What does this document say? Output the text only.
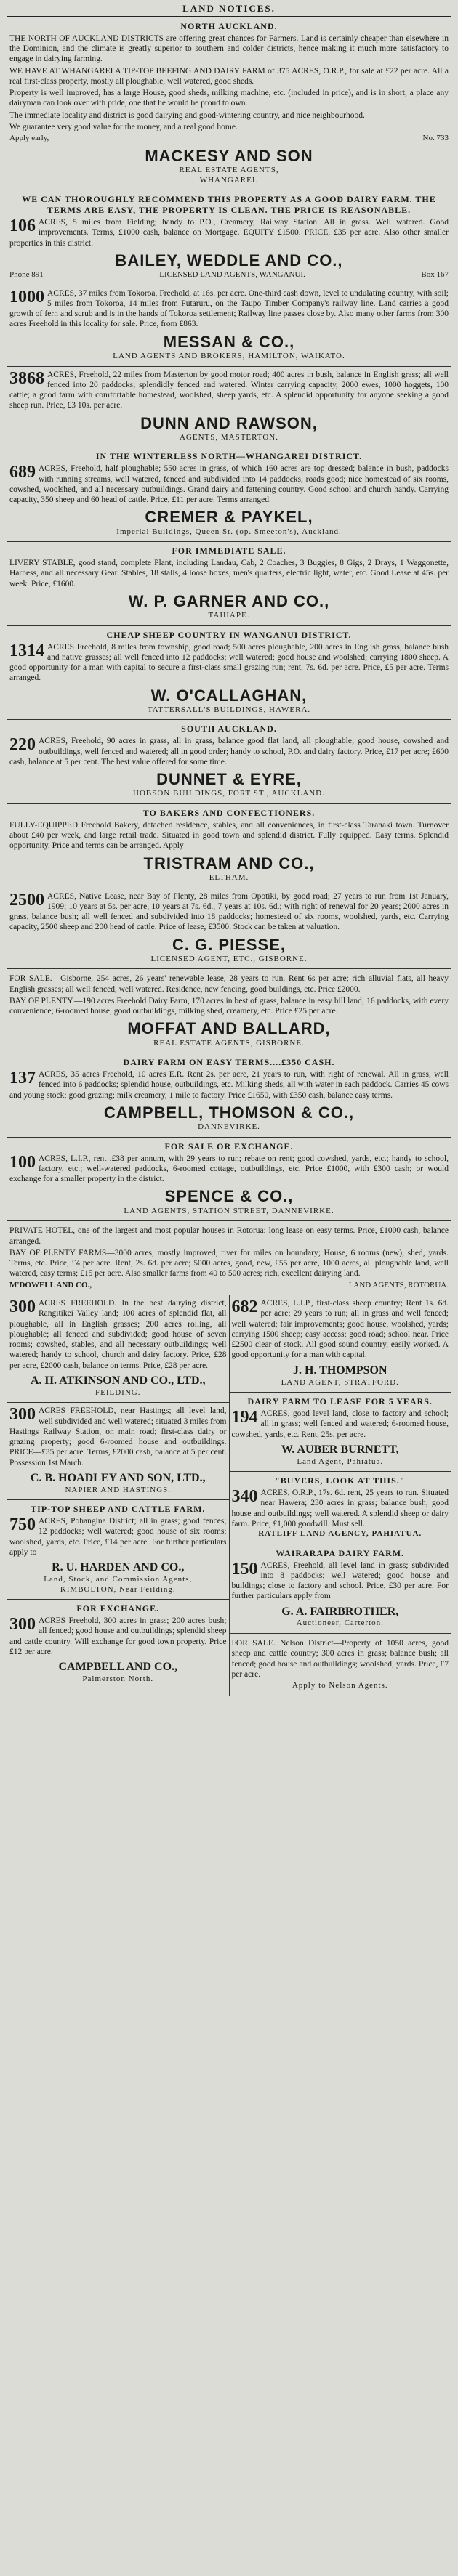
LAND NOTICES.
NORTH AUCKLAND.
THE NORTH OF AUCKLAND DISTRICTS are offering great chances for Farmers. Land is certainly cheaper than elsewhere in the Dominion, and the climate is greatly superior to southern and colder districts, hence making it much more satisfactory to engage in dairying farming.
WE HAVE AT WHANGAREI A TIP-TOP BEEFING AND DAIRY FARM of 375 ACRES, O.R.P., for sale at £22 per acre. All a real first-class property, mostly all ploughable, well watered, good sheds.
Property is well improved, has a large House, good sheds, milking machine, etc. (included in price), and is in short, a place any dairyman can look over with pride, one that he would be proud to own.
The immediate locality and district is good dairying and good-wintering country, and nice neighbourhood.
We guarantee very good value for the money, and a real good home.
Apply early,	No. 733
MACKESY AND SON
REAL ESTATE AGENTS,
WHANGAREI.
WE CAN THOROUGHLY RECOMMEND THIS PROPERTY AS A GOOD DAIRY FARM. THE TERMS ARE EASY, THE PROPERTY IS CLEAN. THE PRICE IS REASONABLE.
106 ACRES, 5 miles from Fielding; handy to P.O., Creamery, Railway Station. All in grass. Well watered. Good improvements. Terms, £1000 cash, balance on Mortgage. EQUITY £1500. PRICE, £35 per acre. Also other smaller properties in this district.
BAILEY, WEDDLE AND CO.,
Phone 891	LICENSED LAND AGENTS, WANGANUI.	Box 167
1000 ACRES, 37 miles from Tokoroa, Freehold, at 16s. per acre. One-third cash down, level to undulating country, with soil; 5 miles from Tokoroa, 14 miles from Putaruru, on the Taupo Timber Company's railway line. Land carries a good growth of fern and scrub and is in the hands of Tokoroa settlement; Railway line passes close by. Also many other farms from 300 acres Freehold in this locality for sale. Price, from £863.
MESSAN & CO.,
LAND AGENTS AND BROKERS, HAMILTON, WAIKATO.
3868 ACRES, Freehold, 22 miles from Masterton by good motor road; 400 acres in bush, balance in English grass; all well fenced into 20 paddocks; splendidly fenced and watered. Winter carrying capacity, 2000 ewes, 1000 hoggets, 100 cattle; a good farm with comfortable homestead, woolshed, sheep yards, etc. A splendid opportunity for anyone seeking a good sheep run. Price, £3 10s. per acre.
DUNN AND RAWSON,
AGENTS, MASTERTON.
IN THE WINTERLESS NORTH—WHANGAREI DISTRICT.
689 ACRES, Freehold, half ploughable; 550 acres in grass, of which 160 acres are top dressed; balance in bush, paddocks with running streams, well watered, fenced and subdivided into 14 paddocks, roads good; nice homestead of six rooms, cowshed, woolshed, and all necessary outbuildings. Grand dairy and fattening country. Good school and church handy. Carrying capacity, 350 sheep and 60 head of cattle. Price, £11 per acre. Terms arranged.
CREMER & PAYKEL,
Imperial Buildings, Queen St. (op. Smeeton's), Auckland.
FOR IMMEDIATE SALE.
LIVERY STABLE, good stand, complete Plant, including Landau, Cab, 2 Coaches, 3 Buggies, 8 Gigs, 2 Drays, 1 Waggonette, Harness, and all necessary Gear. Stables, 18 stalls, 4 loose boxes, men's quarters, electric light, water, etc. Good Lease at 45s. per week. Price, £1600.
W. P. GARNER AND CO.,
TAIHAPE.
CHEAP SHEEP COUNTRY IN WANGANUI DISTRICT.
1314 ACRES Freehold, 8 miles from township, good road; 500 acres ploughable, 200 acres in English grass, balance bush and native grasses; all well fenced into 12 paddocks; well watered; good house and woolshed; carrying 1800 sheep. A good opportunity for a man with capital to secure a first-class small grazing run; rent, 7s. 6d. per acre. Price, £5 per acre. Terms arranged.
W. O'CALLAGHAN,
TATTERSALL'S BUILDINGS, HAWERA.
SOUTH AUCKLAND.
220 ACRES, Freehold, 90 acres in grass, all in grass, balance good flat land, all ploughable; good house, cowshed and outbuildings, well fenced and watered; all in good order; handy to school, P.O. and dairy factory. Price, £17 per acre; £600 cash, balance at 5 per cent. The best value offered for some time.
DUNNET & EYRE,
HOBSON BUILDINGS, FORT ST., AUCKLAND.
TO BAKERS AND CONFECTIONERS.
FULLY-EQUIPPED Freehold Bakery, detached residence, stables, and all conveniences, in first-class Taranaki town. Turnover about £40 per week, and large retail trade. Situated in good town and splendid district. Fully equipped. Easy terms. Splendid opportunity. Price and terms can be arranged. Apply—
TRISTRAM AND CO.,
ELTHAM.
2500 ACRES, Native Lease, near Bay of Plenty, 28 miles from Opotiki, by good road; 27 years to run from 1st January, 1909; 10 years at 5s. per acre, 10 years at 7s. 6d., 7 years at 10s. 6d.; with right of renewal for 20 years; 2000 acres in grass, balance bush; all well fenced and subdivided into 18 paddocks; homestead of six rooms, woolshed, yards, etc. Carrying capacity, 2500 sheep and 200 head of cattle. Price of lease, £3500. Stock can be taken at valuation.
C. G. PIESSE,
LICENSED AGENT, ETC., GISBORNE.
FOR SALE.—Gisborne, 254 acres, 26 years' renewable lease, 28 years to run. Rent 6s per acre; rich alluvial flats, all heavy English grasses; all well fenced, well watered. Residence, new fencing, good buildings, etc. Price £2000.
BAY OF PLENTY.—190 acres Freehold Dairy Farm, 170 acres in best of grass, balance in easy hill land; 16 paddocks, with every convenience; 6-roomed house, good outbuildings, milking shed, creamery, etc. Price £25 per acre.
MOFFAT AND BALLARD,
REAL ESTATE AGENTS, GISBORNE.
DAIRY FARM ON EASY TERMS....£350 CASH.
137 ACRES, 35 acres Freehold, 10 acres E.R. Rent 2s. per acre, 21 years to run, with right of renewal. All in grass, well fenced into 6 paddocks; splendid house, outbuildings, etc. Milking sheds, all with water in each paddock. Carries 45 cows and young stock; good grazing; milk creamery, 1 mile to factory. Price £1650, with £350 cash, balance easy terms.
CAMPBELL, THOMSON & CO.,
DANNEVIRKE.
FOR SALE OR EXCHANGE.
100 ACRES, L.I.P., rent .£38 per annum, with 29 years to run; rebate on rent; good cowshed, yards, etc.; handy to school, factory, etc.; well-watered paddocks, 6-roomed cottage, outbuildings, etc. Price £1000, with £300 cash; or would exchange for a smaller property in the district.
SPENCE & CO.,
LAND AGENTS, STATION STREET, DANNEVIRKE.
PRIVATE HOTEL, one of the largest and most popular houses in Rotorua; long lease on easy terms. Price, £1000 cash, balance arranged.
BAY OF PLENTY FARMS—3000 acres, mostly improved, river for miles on boundary; House, 6 rooms (new), shed, yards. Terms, etc. Price, £4 per acre. Rent, 2s. 6d. per acre; 5000 acres, good, new, £55 per acre, 1000 acres, all ploughable land, well watered, easy terms; £15 per acre. Also smaller farms from 40 to 500 acres; rich, excellent dairying land.
M'DOWELL AND CO.,	LAND AGENTS, ROTORUA.
300 ACRES FREEHOLD. In the best dairying district, Rangitikei Valley land; 100 acres of splendid flat, all ploughable, all in English grasses; 200 acres rolling, all ploughable; all fenced and subdivided; good house of seven rooms; cowshed, stables, and all necessary outbuildings; well watered; handy to school, church and dairy factory. Price, £28 per acre, £2000 cash, balance on terms. Price, £28 per acre.
A. H. ATKINSON AND CO., LTD.,
FEILDING.
300 ACRES FREEHOLD, near Hastings; all level land, well subdivided and well watered; situated 3 miles from Hastings Railway Station, on main road; first-class dairy or grazing property; good 6-roomed house and outbuildings. PRICE—£35 per acre. Terms, £2000 cash, balance at 5 per cent. Possession 1st March.
C. B. HOADLEY AND SON, LTD.,
NAPIER AND HASTINGS.
TIP-TOP SHEEP AND CATTLE FARM.
750 ACRES, Pohangina District; all in grass; good fences; 12 paddocks; well watered; good house of six rooms; woolshed, yards, etc. Price, £14 per acre. For further particulars apply to
R. U. HARDEN AND CO.,
Land, Stock, and Commission Agents,
KIMBOLTON, Near Feilding.
FOR EXCHANGE.
300 ACRES Freehold, 300 acres in grass; 200 acres bush; all fenced; good house and outbuildings; splendid sheep and cattle country. Will exchange for good town property. Price £12 per acre.
CAMPBELL AND CO.,
Palmerston North.
682 ACRES, L.I.P., first-class sheep country; Rent 1s. 6d. per acre; 29 years to run; all in grass and well fenced; well watered; fair improvements; good house, woolshed, yards; carrying 1500 sheep; easy access; good road; school near. Price £2500 clear of stock. All good sound country, easily worked. A good opportunity for a man with capital.
J. H. THOMPSON
LAND AGENT, STRATFORD.
DAIRY FARM TO LEASE FOR 5 YEARS.
194 ACRES, good level land, close to factory and school; all in grass; well fenced and watered; 6-roomed house, cowshed, yards, etc. Rent, 25s. per acre.
W. AUBER BURNETT,
Land Agent, Pahiatua.
"BUYERS, LOOK AT THIS."
340 ACRES, O.R.P., 17s. 6d. rent, 25 years to run. Situated near Hawera; 230 acres in grass; balance bush; good house and outbuildings; well watered. A splendid sheep or dairy farm. Price, £1,000 goodwill. Must sell.
RATLIFF LAND AGENCY, PAHIATUA.
WAIRARAPA DAIRY FARM.
150 ACRES, Freehold, all level land in grass; subdivided into 8 paddocks; well watered; good house and buildings; close to factory and school. Price, £30 per acre. For further particulars apply from
G. A. FAIRBROTHER,
Auctioneer, Carterton.
FOR SALE. Nelson District—Property of 1050 acres, good sheep and cattle country; 300 acres in grass; balance bush; all fenced; good house and outbuildings; woolshed, yards. Price, £7 per acre.
Apply to Nelson Agents.
